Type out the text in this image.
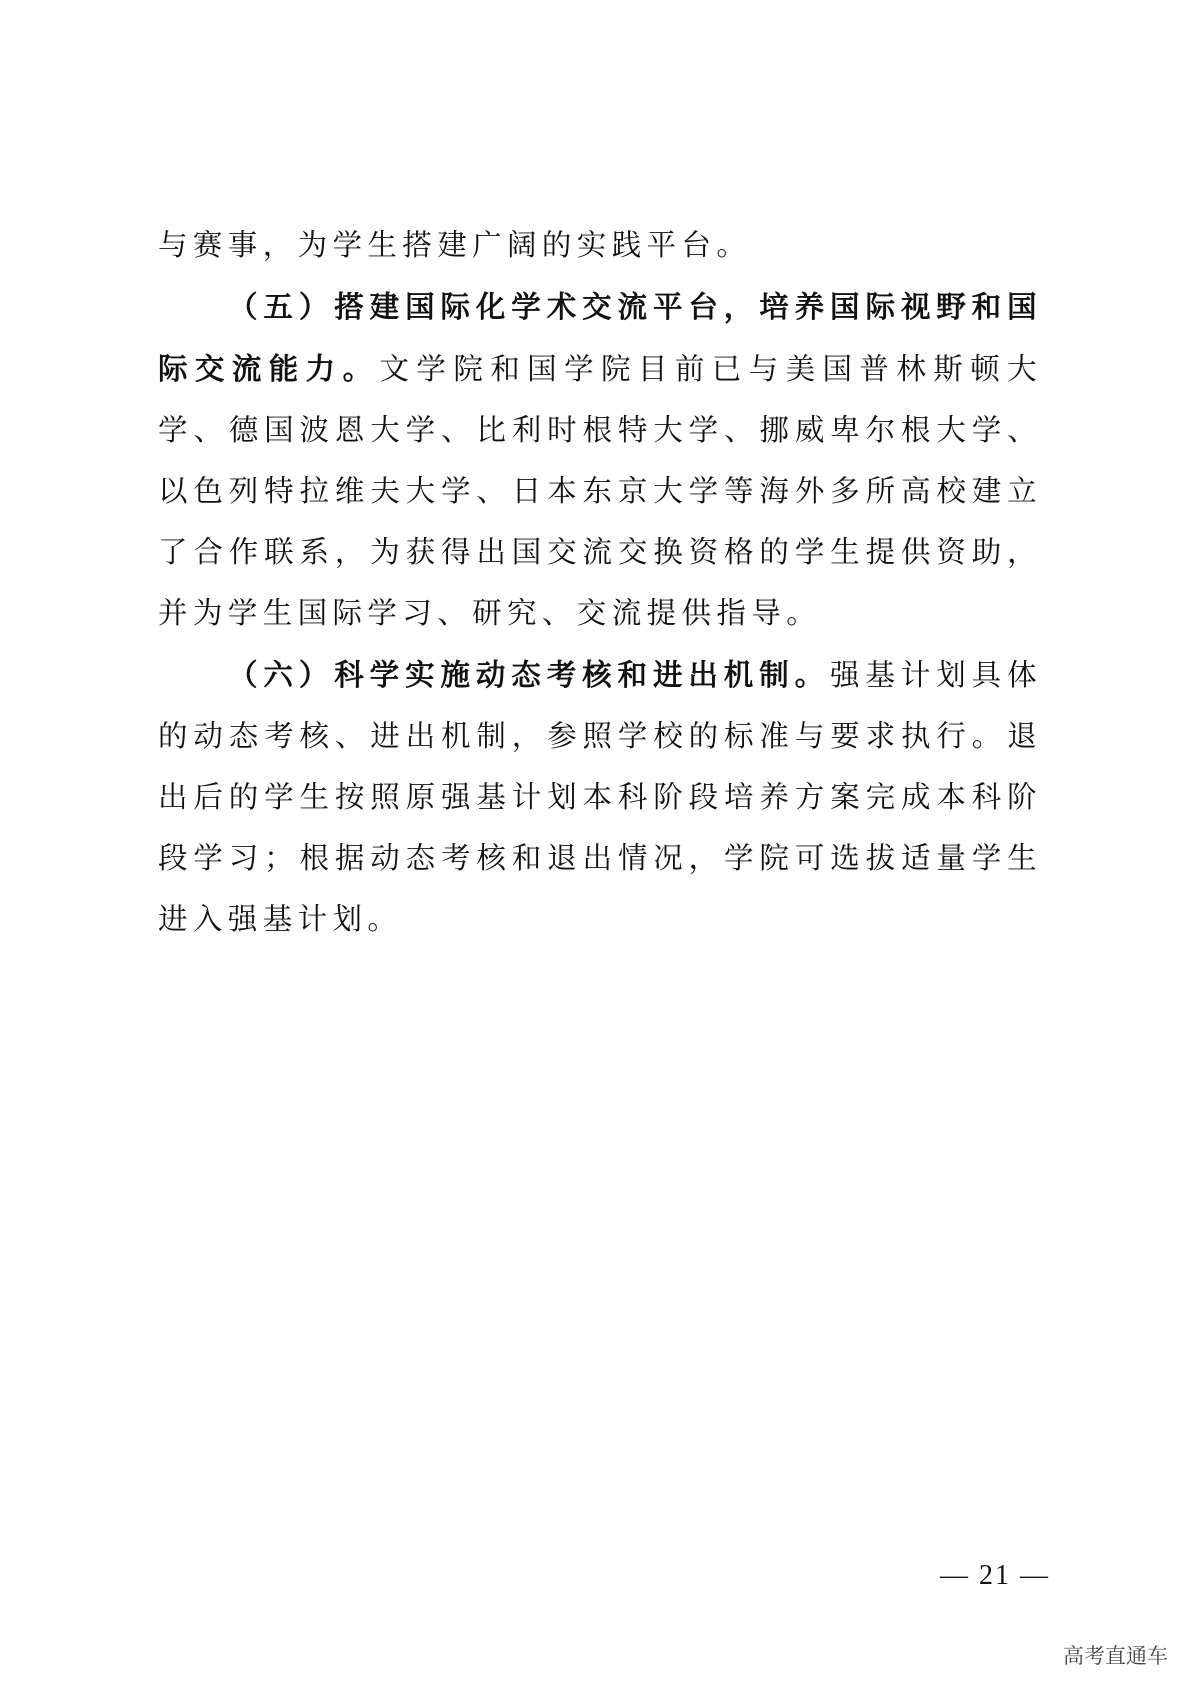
与赛事，为学生搭建广阔的实践平台。

（五）搭建国际化学术交流平台，培养国际视野和国际交流能力。文学院和国学院目前已与美国普林斯顿大学、德国波恩大学、比利时根特大学、挪威卑尔根大学、以色列特拉维夫大学、日本东京大学等海外多所高校建立了合作联系，为获得出国交流交换资格的学生提供资助，并为学生国际学习、研究、交流提供指导。

（六）科学实施动态考核和进出机制。强基计划具体的动态考核、进出机制，参照学校的标准与要求执行。退出后的学生按照原强基计划本科阶段培养方案完成本科阶段学习；根据动态考核和退出情况，学院可选拔适量学生进入强基计划。

— 21 —
高考直通车
